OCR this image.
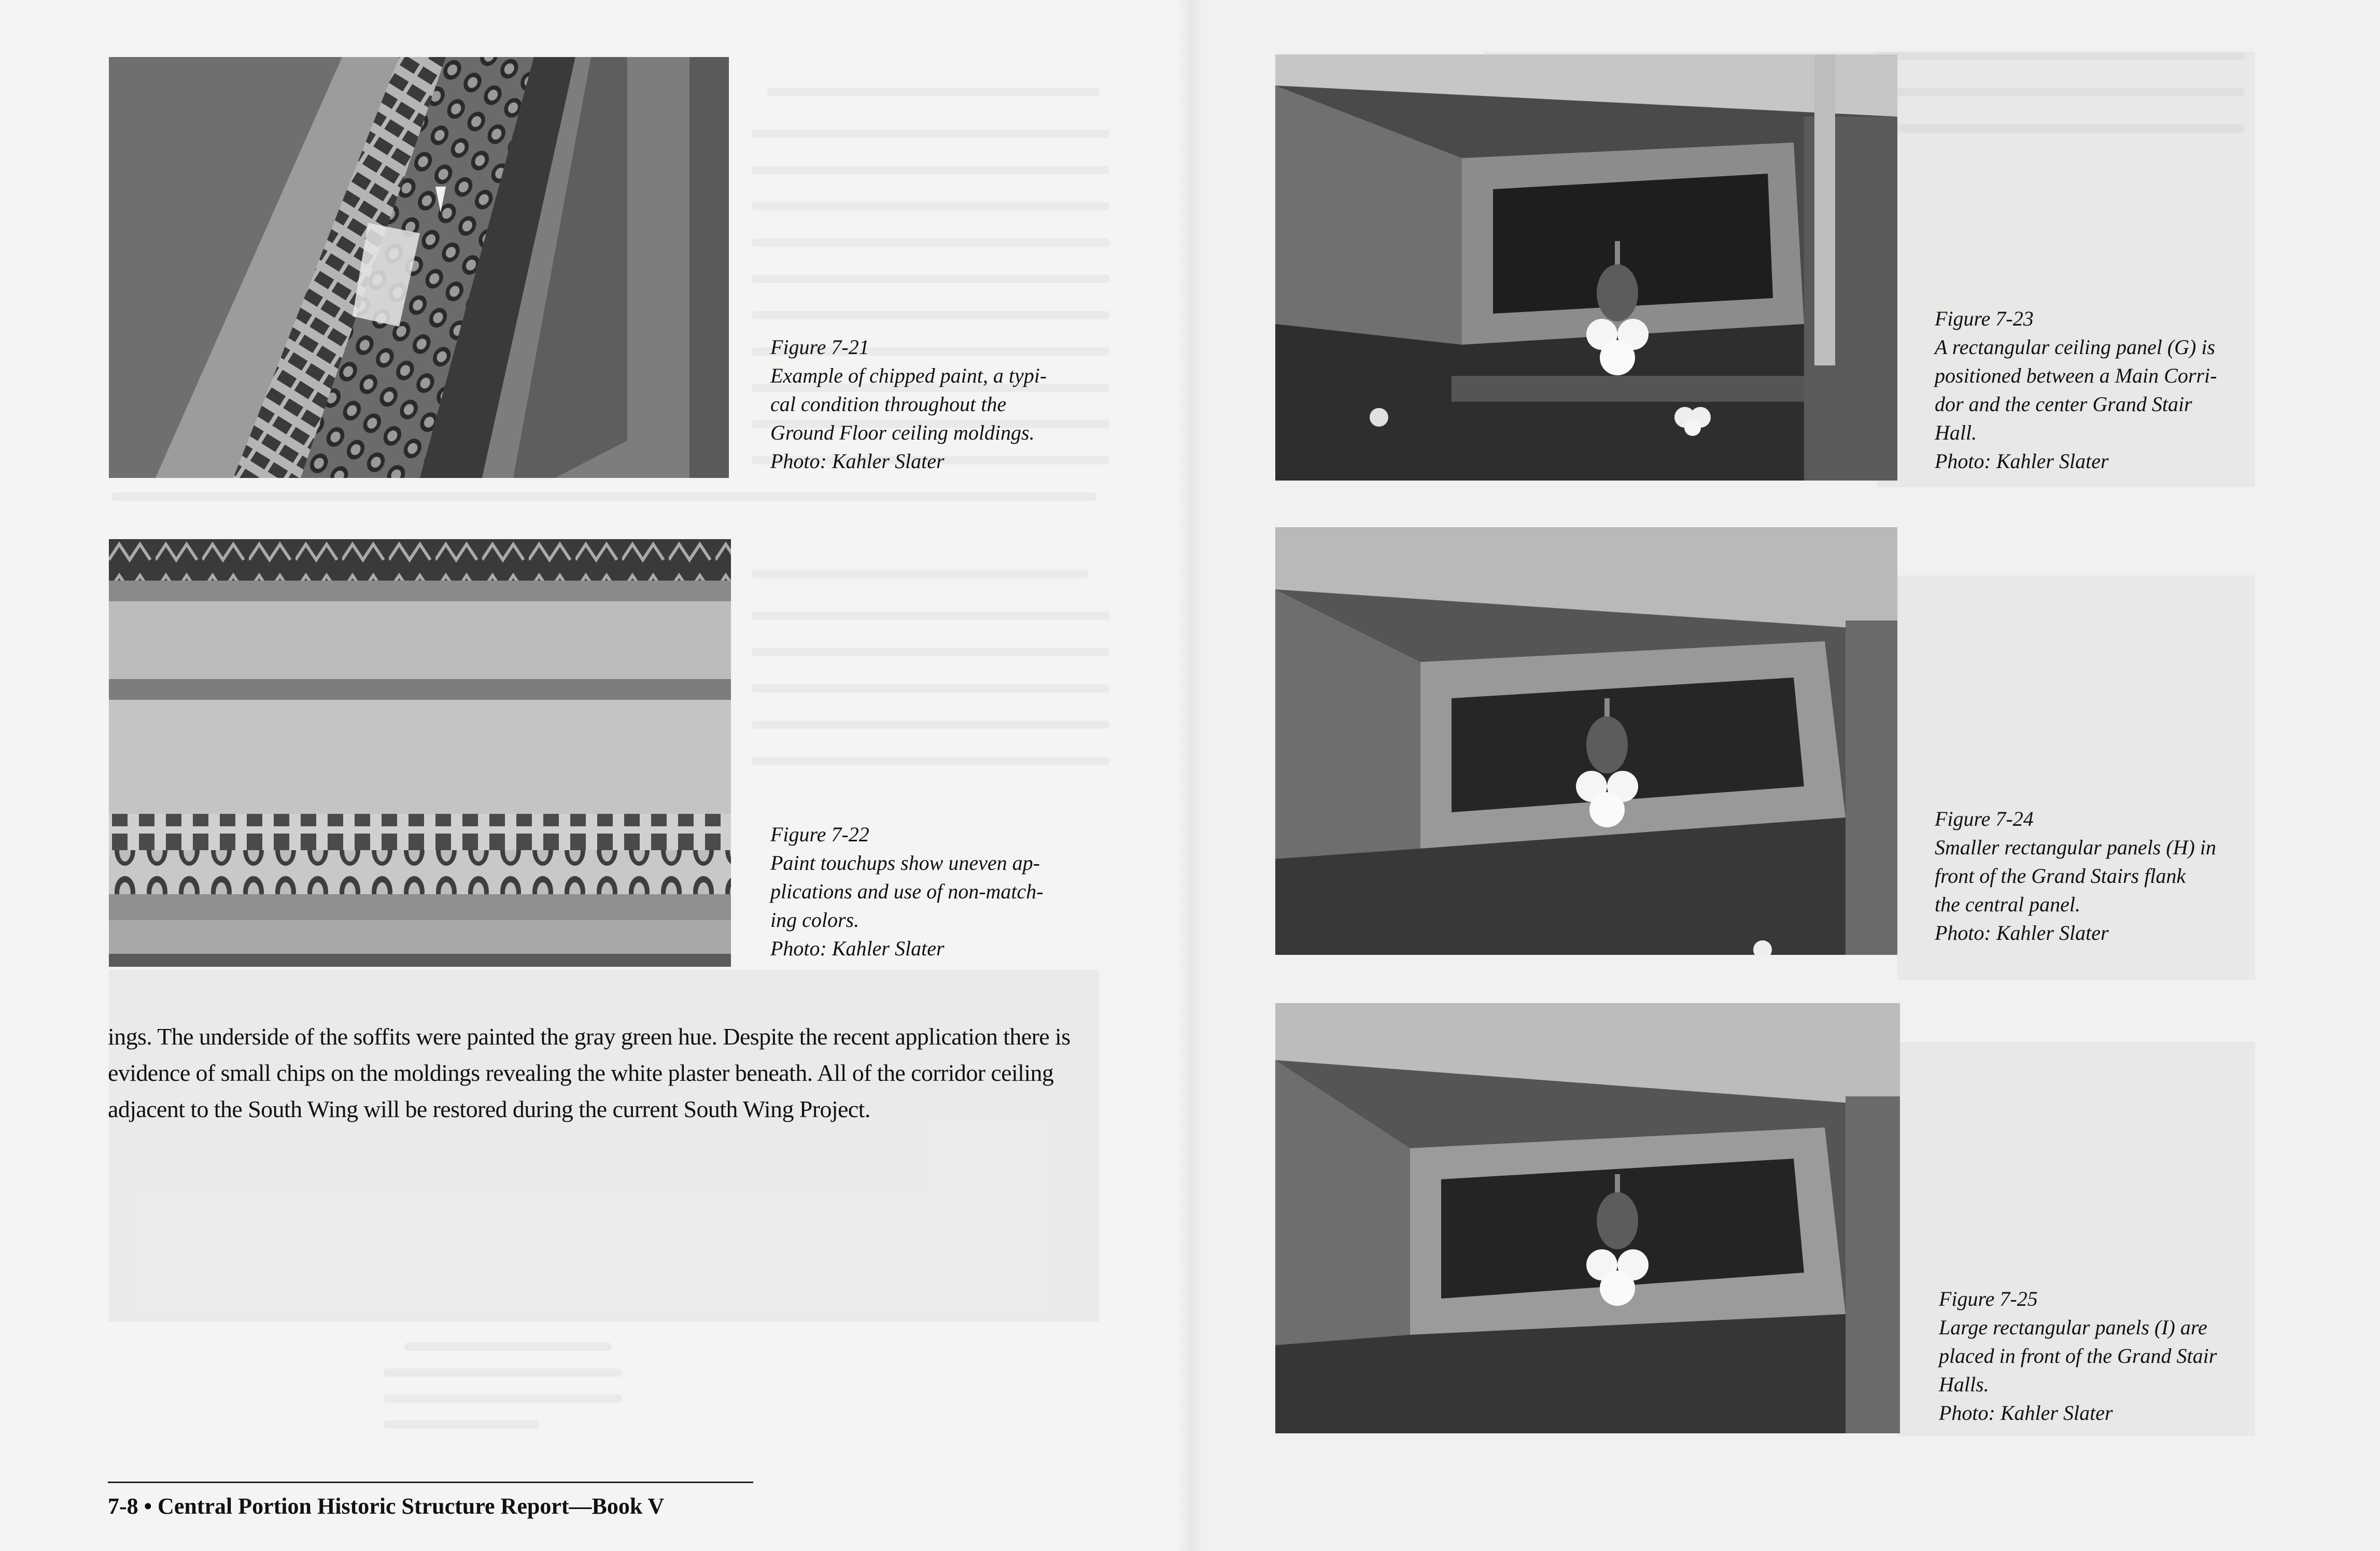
Figure 7-21
Example of chipped paint, a typi-
cal condition throughout the
Ground Floor ceiling moldings.
Photo: Kahler Slater
Figure 7-22
Paint touchups show uneven ap-
plications and use of non-match-
ing colors.
Photo: Kahler Slater
ings. The underside of the soffits were painted the gray green hue. Despite the recent application there is
evidence of small chips on the moldings revealing the white plaster beneath. All of the corridor ceiling
adjacent to the South Wing will be restored during the current South Wing Project.
Figure 7-23
A rectangular ceiling panel (G) is
positioned between a Main Corri-
dor and the center Grand Stair
Hall.
Photo: Kahler Slater
Figure 7-24
Smaller rectangular panels (H) in
front of the Grand Stairs flank
the central panel.
Photo: Kahler Slater
Figure 7-25
Large rectangular panels (I) are
placed in front of the Grand Stair
Halls.
Photo: Kahler Slater
7-8 • Central Portion Historic Structure Report—Book V
